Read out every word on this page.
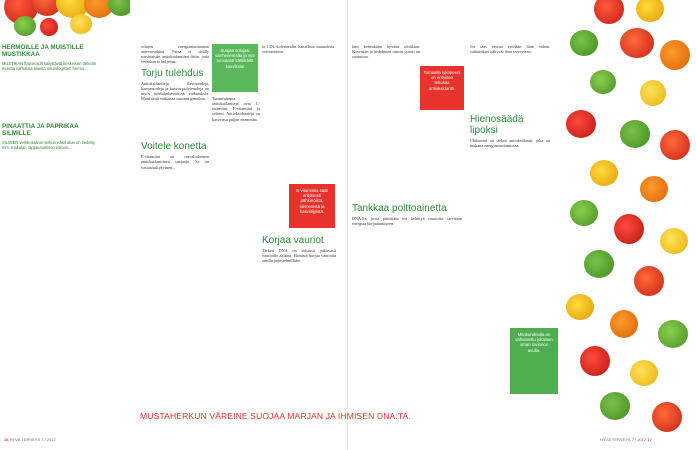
HERMOILLE JA MUISTILLE MUSTIKKAA
MUSTIKAN flavonoidit säilyttävät keskeisen tärkeän muistia varhaisia alueita neurologisten hermo...
PINAATTIA JA PAPRIKAA SILMILLE
SILMIEN verkkokalvon terkun näkö alue on tiedetty mm. makulan rappeutumisen estoon...

solujen energiantuotannon aineenvaihtoa. Parsa ei sisälly varsinaisiin antioksidanttien lisiin, joita verenkierto kuljettaa.

Torju tulehdus

Antioksidantteja, flavonoideja, karotenoideja ja kasvin polyfenoleja on myös tulehdushäiriöissä vaikutuksia. Moni tästä vaikuttaa suoraan geneihin.

Voitele konetta

E-vitamiini on rasvaliukoinen antioksidanttinen suojaaja. Se on vastustuskykyinen...

Suojaa solujasi vanhenemalta ja syö runsaasti värikkäitä kasviksia!

Tunnetuimpia antioksidantteja ovat C-vitamiini, E-vitamiini ja seleeni. Antioksidantteja on kasveissa paljon enemmän.

ta LDL-kolesterolin haitallisia muutoksia verisuonissa.

E-vitamiinia saat erityisesti pähkinöistä, siemenistä ja kasviöljyistä.
Korjaa vauriot

Tärkeä DNA on soluissa jatkuvasti vaurioille alttiina. Elimistö korjaa vaurioita omilla järjestelmillään.

kiin kenenkään hyvään olotilaan. Kasvisten ja hedelmien runsas syönti on suotuisaa.

Tomaatin lykopeeni on erityisen tehokas antioksidantti.
Tankkaa polttoainetta

DNA:lla, jossa päivittäin voi kehittyä vaurioita, tarvitaan energiaa korjautumiseen.

Jos taas rasvaa syödään liian vähän, vaikutukset näkyvät ihon terveyteen.

Hienosäädä lipoksi

Ubikinoni on tärkeä antioksidantti, joka on mukana energiantuotannossa.

Mitokondrioita on vahvistettu jokaisen oman ravinnon avulla.
MUSTAHERKUN VÄREINE SUOJAA MARJAN JA IHMISEN DNA:TA.
16 HYVÄ TERVEYS 7 / 2012	HYVÄ TERVEYS 7 / 2012 17
